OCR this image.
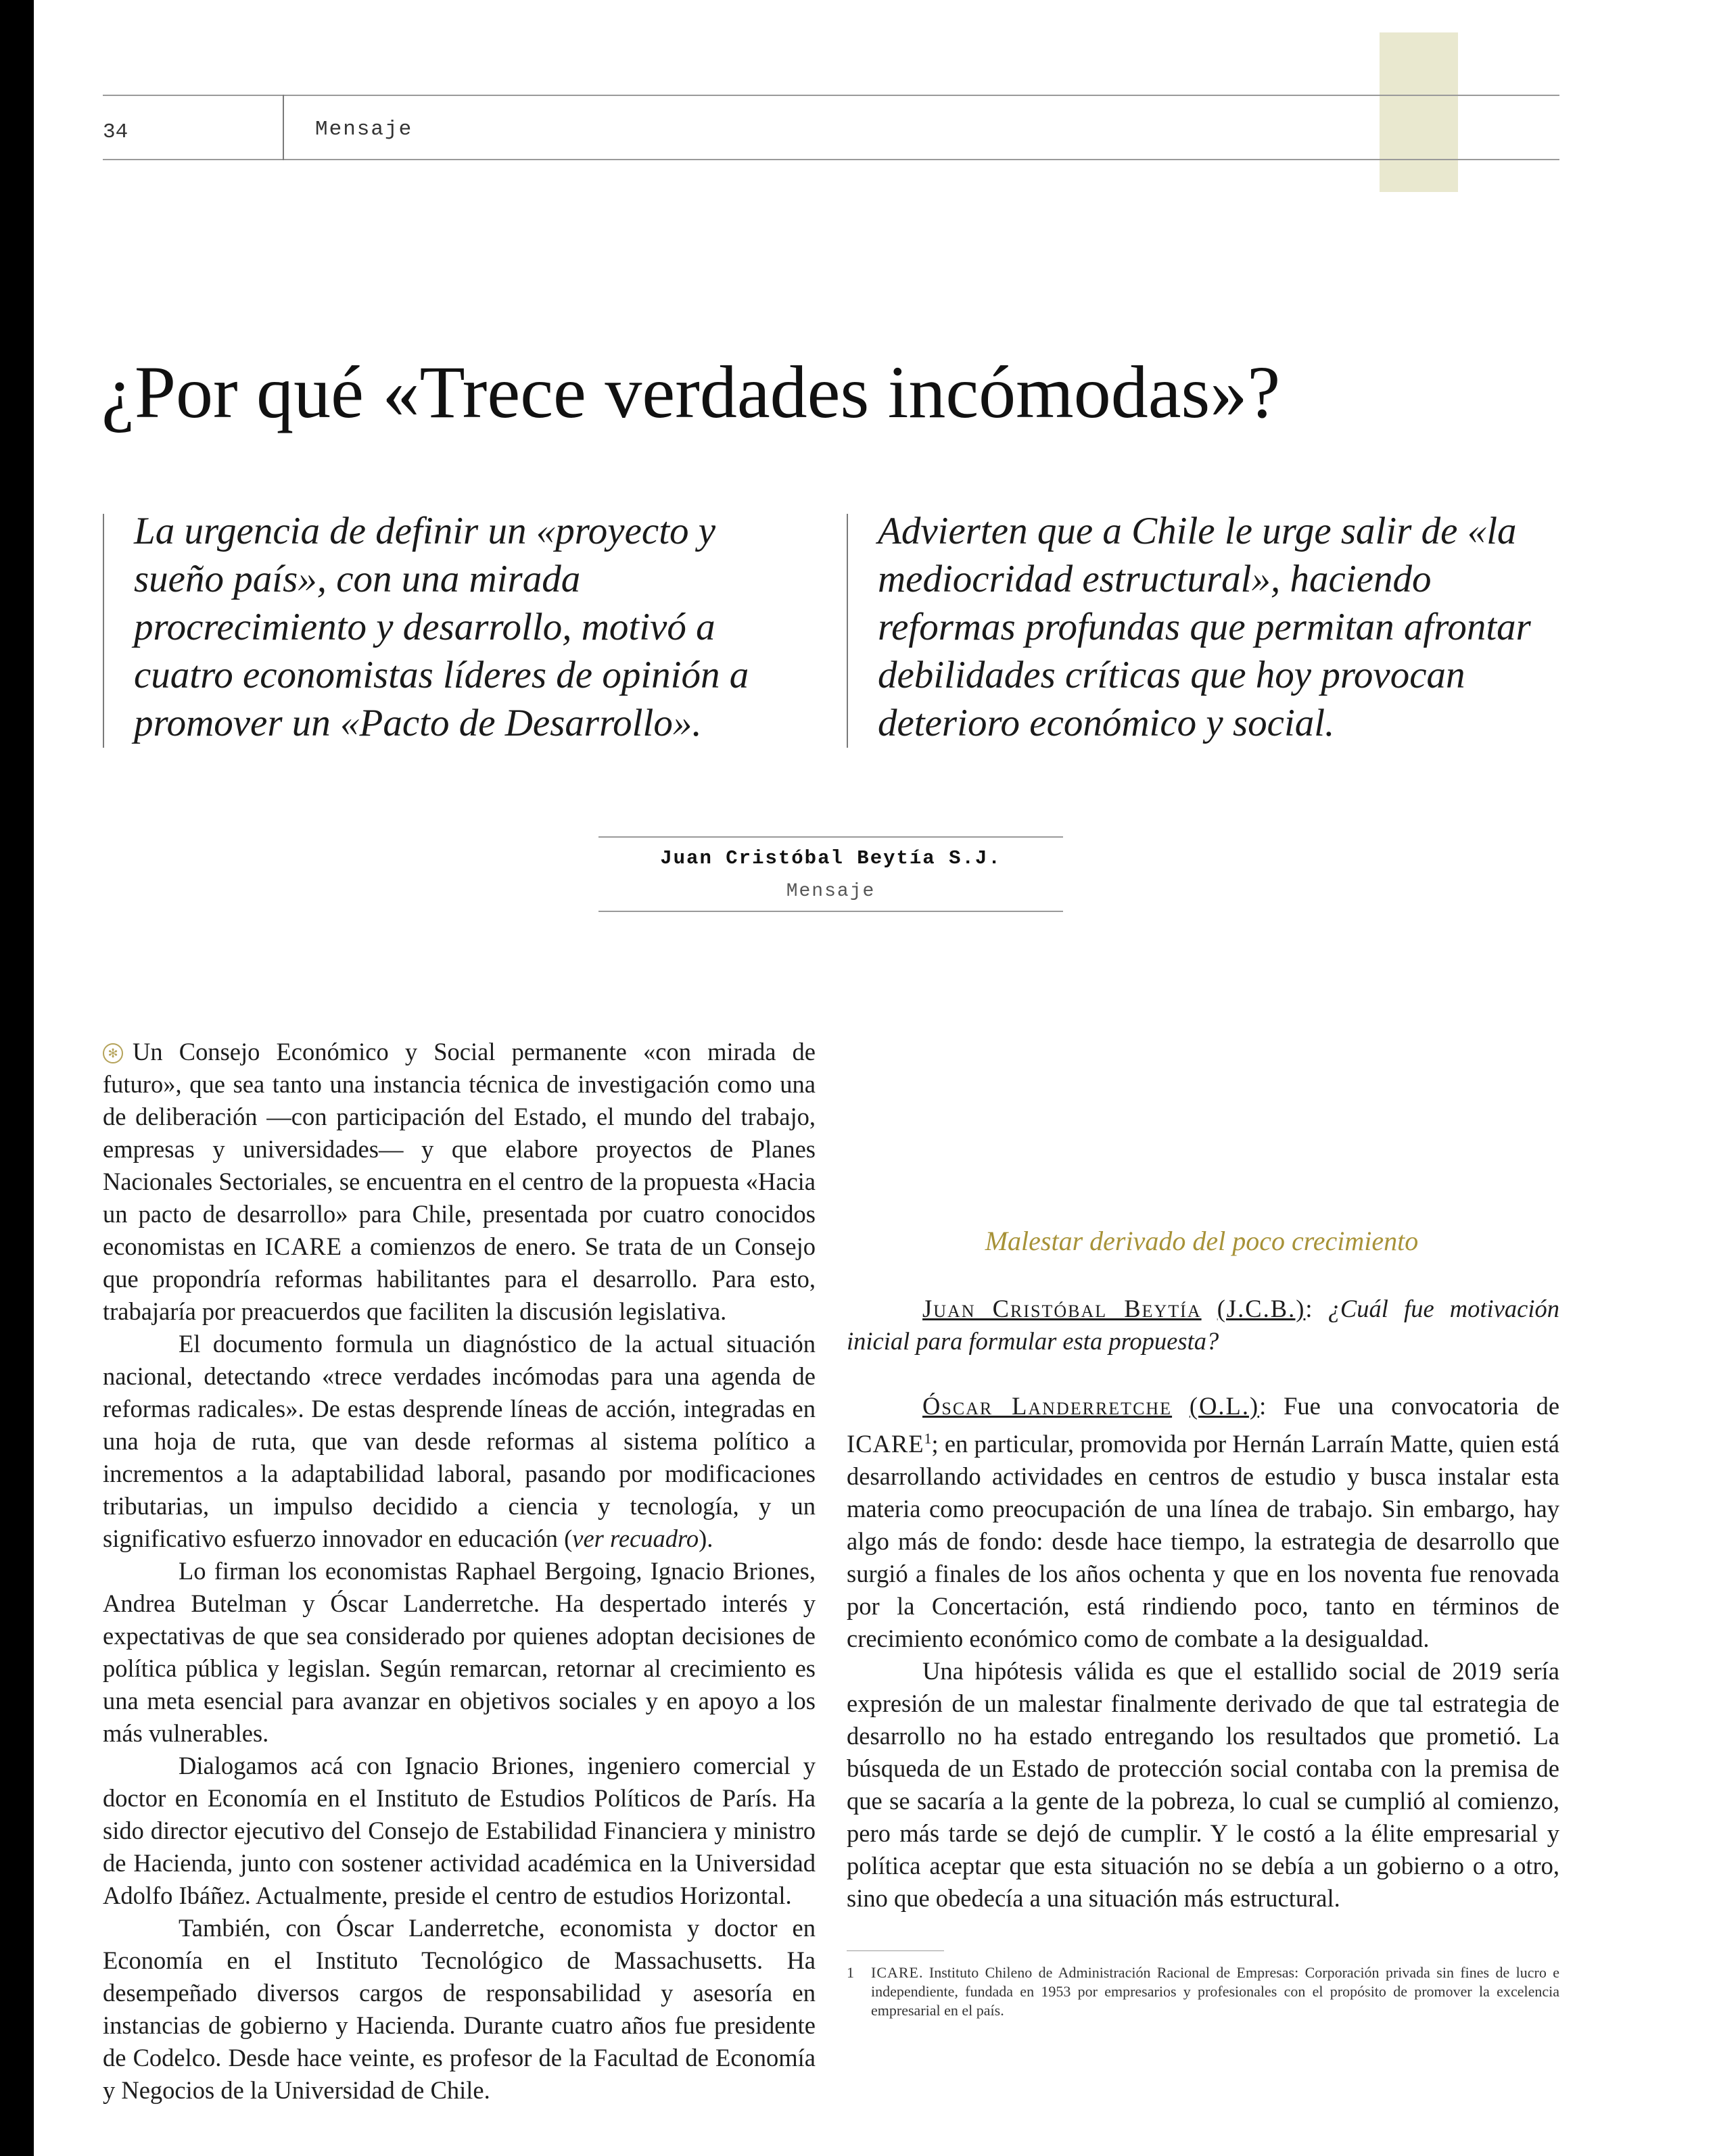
34	Mensaje
¿Por qué «Trece verdades incómodas»?

La urgencia de definir un «proyecto y sueño país», con una mirada procrecimiento y desarrollo, motivó a cuatro economistas líderes de opinión a promover un «Pacto de Desarrollo».

Advierten que a Chile le urge salir de «la mediocridad estructural», haciendo reformas profundas que permitan afrontar debilidades críticas que hoy provocan deterioro económico y social.

Juan Cristóbal Beytía S.J.
Mensaje

✻ Un Consejo Económico y Social permanente «con mirada de futuro», que sea tanto una instancia técnica de investigación como una de deliberación —con participación del Estado, el mundo del trabajo, empresas y universidades— y que elabore proyectos de Planes Nacionales Sectoriales, se encuentra en el centro de la propuesta «Hacia un pacto de desarrollo» para Chile, presentada por cuatro conocidos economistas en ICARE a comienzos de enero. Se trata de un Consejo que propondría reformas habilitantes para el desarrollo. Para esto, trabajaría por preacuerdos que faciliten la discusión legislativa.

El documento formula un diagnóstico de la actual situación nacional, detectando «trece verdades incómodas para una agenda de reformas radicales». De estas desprende líneas de acción, integradas en una hoja de ruta, que van desde reformas al sistema político a incrementos a la adaptabilidad laboral, pasando por modificaciones tributarias, un impulso decidido a ciencia y tecnología, y un significativo esfuerzo innovador en educación (ver recuadro).

Lo firman los economistas Raphael Bergoing, Ignacio Briones, Andrea Butelman y Óscar Landerretche. Ha despertado interés y expectativas de que sea considerado por quienes adoptan decisiones de política pública y legislan. Según remarcan, retornar al crecimiento es una meta esencial para avanzar en objetivos sociales y en apoyo a los más vulnerables.

Dialogamos acá con Ignacio Briones, ingeniero comercial y doctor en Economía en el Instituto de Estudios Políticos de París. Ha sido director ejecutivo del Consejo de Estabilidad Financiera y ministro de Hacienda, junto con sostener actividad académica en la Universidad Adolfo Ibáñez. Actualmente, preside el centro de estudios Horizontal.

También, con Óscar Landerretche, economista y doctor en Economía en el Instituto Tecnológico de Massachusetts. Ha desempeñado diversos cargos de responsabilidad y asesoría en instancias de gobierno y Hacienda. Durante cuatro años fue presidente de Codelco. Desde hace veinte, es profesor de la Facultad de Economía y Negocios de la Universidad de Chile.

Malestar derivado del poco crecimiento

Juan Cristóbal Beytía (J.C.B.): ¿Cuál fue motivación inicial para formular esta propuesta?

Óscar Landerretche (O.L.): Fue una convocatoria de ICARE$^1$; en particular, promovida por Hernán Larraín Matte, quien está desarrollando actividades en centros de estudio y busca instalar esta materia como preocupación de una línea de trabajo. Sin embargo, hay algo más de fondo: desde hace tiempo, la estrategia de desarrollo que surgió a finales de los años ochenta y que en los noventa fue renovada por la Concertación, está rindiendo poco, tanto en términos de crecimiento económico como de combate a la desigualdad.

Una hipótesis válida es que el estallido social de 2019 sería expresión de un malestar finalmente derivado de que tal estrategia de desarrollo no ha estado entregando los resultados que prometió. La búsqueda de un Estado de protección social contaba con la premisa de que se sacaría a la gente de la pobreza, lo cual se cumplió al comienzo, pero más tarde se dejó de cumplir. Y le costó a la élite empresarial y política aceptar que esta situación no se debía a un gobierno o a otro, sino que obedecía a una situación más estructural.

1 ICARE. Instituto Chileno de Administración Racional de Empresas: Corporación privada sin fines de lucro e independiente, fundada en 1953 por empresarios y profesionales con el propósito de promover la excelencia empresarial en el país.
